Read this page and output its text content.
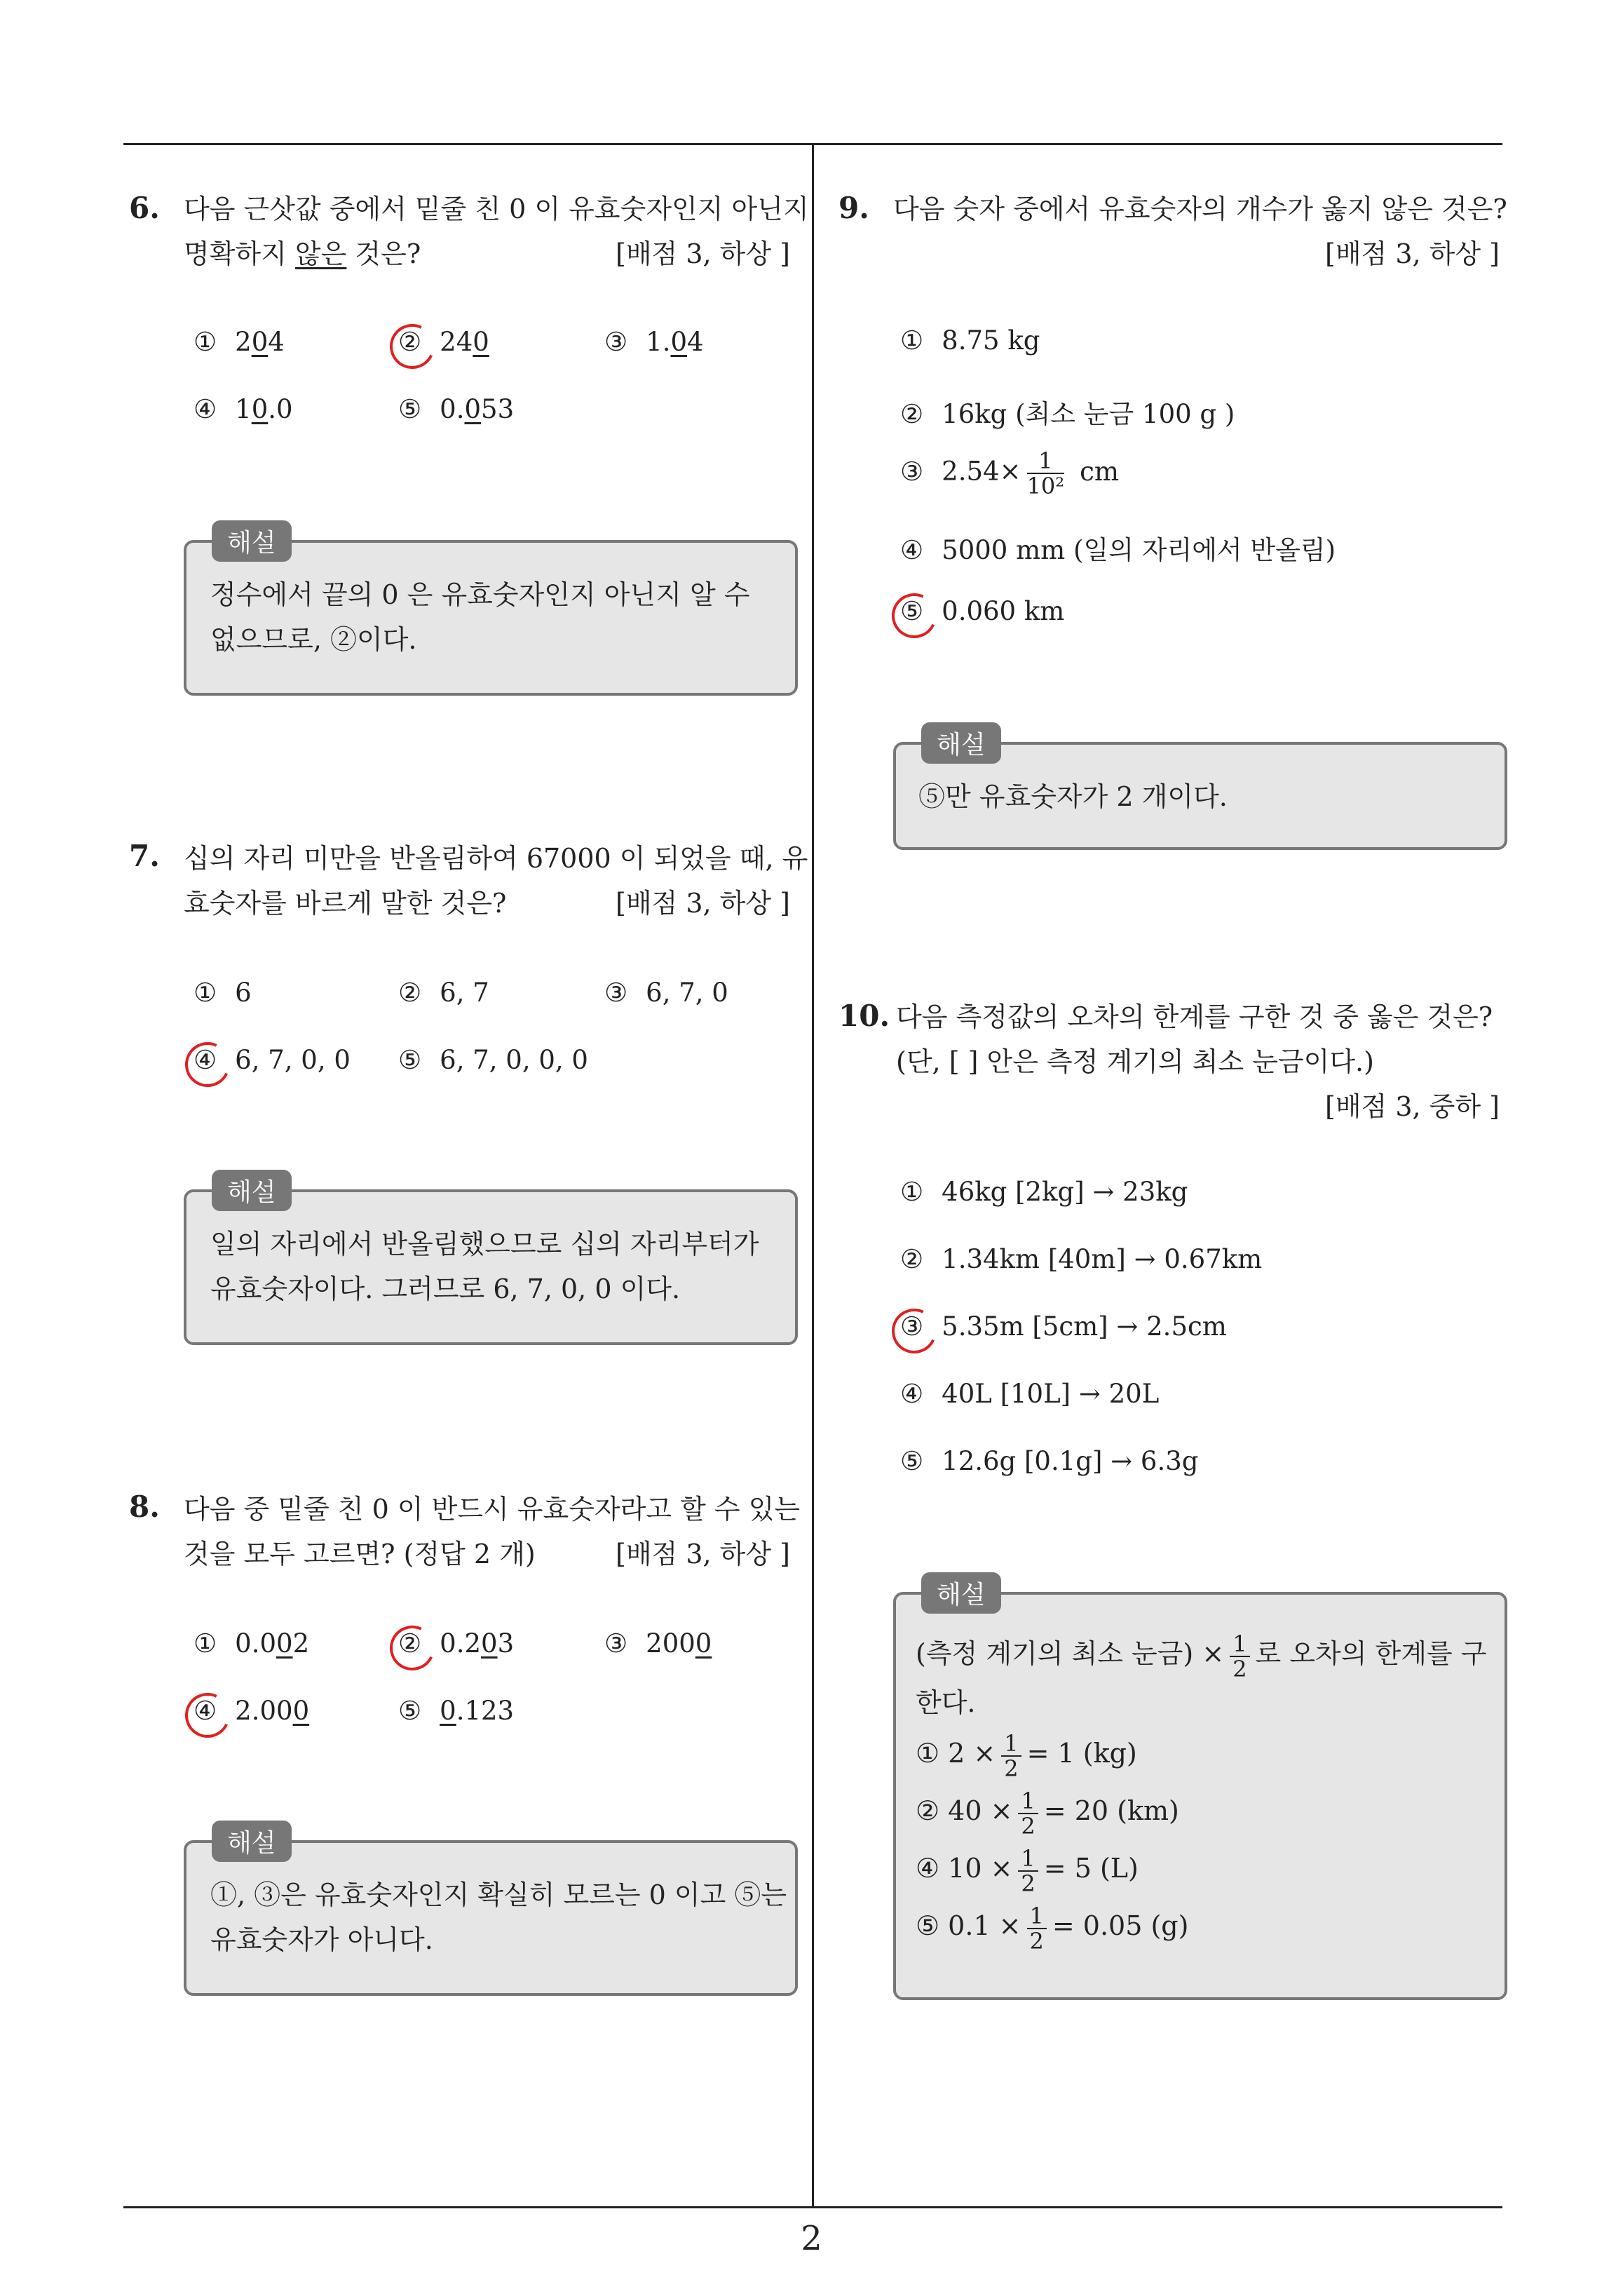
2
6. 다음 근삿값 중에서 밑줄 친 0 이 유효숫자인지 아닌지
명확하지 않은 것은?	[배점 3, 하상 ]
① 204	② 240	③ 1.04
④ 10.0	⑤ 0.053
해설
정수에서 끝의 0 은 유효숫자인지 아닌지 알 수
없으므로, ②이다.
7. 십의 자리 미만을 반올림하여 67000 이 되었을 때, 유
효숫자를 바르게 말한 것은?	[배점 3, 하상 ]
① 6	② 6, 7	③ 6, 7, 0
④ 6, 7, 0, 0 ⑤ 6, 7, 0, 0, 0
해설
일의 자리에서 반올림했으므로 십의 자리부터가
유효숫자이다. 그러므로 6, 7, 0, 0 이다.
8. 다음 중 밑줄 친 0 이 반드시 유효숫자라고 할 수 있는
것을 모두 고르면? (정답 2 개)	[배점 3, 하상 ]
① 0.002	② 0.203	③ 2000
④ 2.000	⑤ 0.123
해설
①, ③은 유효숫자인지 확실히 모르는 0 이고 ⑤는
유효숫자가 아니다.
9. 다음 숫자 중에서 유효숫자의 개수가 옳지 않은 것은?
[배점 3, 하상 ]
① 8.75 kg
② 16kg (최소 눈금 100 g )
③ $2.54\times \frac{1}{\text{10²}}$ cm
④ 5000 mm (일의 자리에서 반올림)
⑤ 0.060 km
해설
⑤만 유효숫자가 2 개이다.
10. 다음 측정값의 오차의 한계를 구한 것 중 옳은 것은?
(단, [ ] 안은 측정 계기의 최소 눈금이다.)
[배점 3, 중하 ]
① 46kg [2kg] → 23kg
② 1.34km [40m] → 0.67km
③ 5.35m [5cm] → 2.5cm
④ 40L [10L] → 20L
⑤ 12.6g [0.1g] → 6.3g
해설
(측정 계기의 최소 눈금) × $\frac{1}{2}$ 로 오차의 한계를 구
한다.
① $2 \times \frac{1}{2} = 1$ (kg)
② $40 \times \frac{1}{2} = 20$ (km)
④ $10 \times \frac{1}{2} = 5$ (L)
⑤ $0.1 \times \frac{1}{2} = 0.05$ (g)
